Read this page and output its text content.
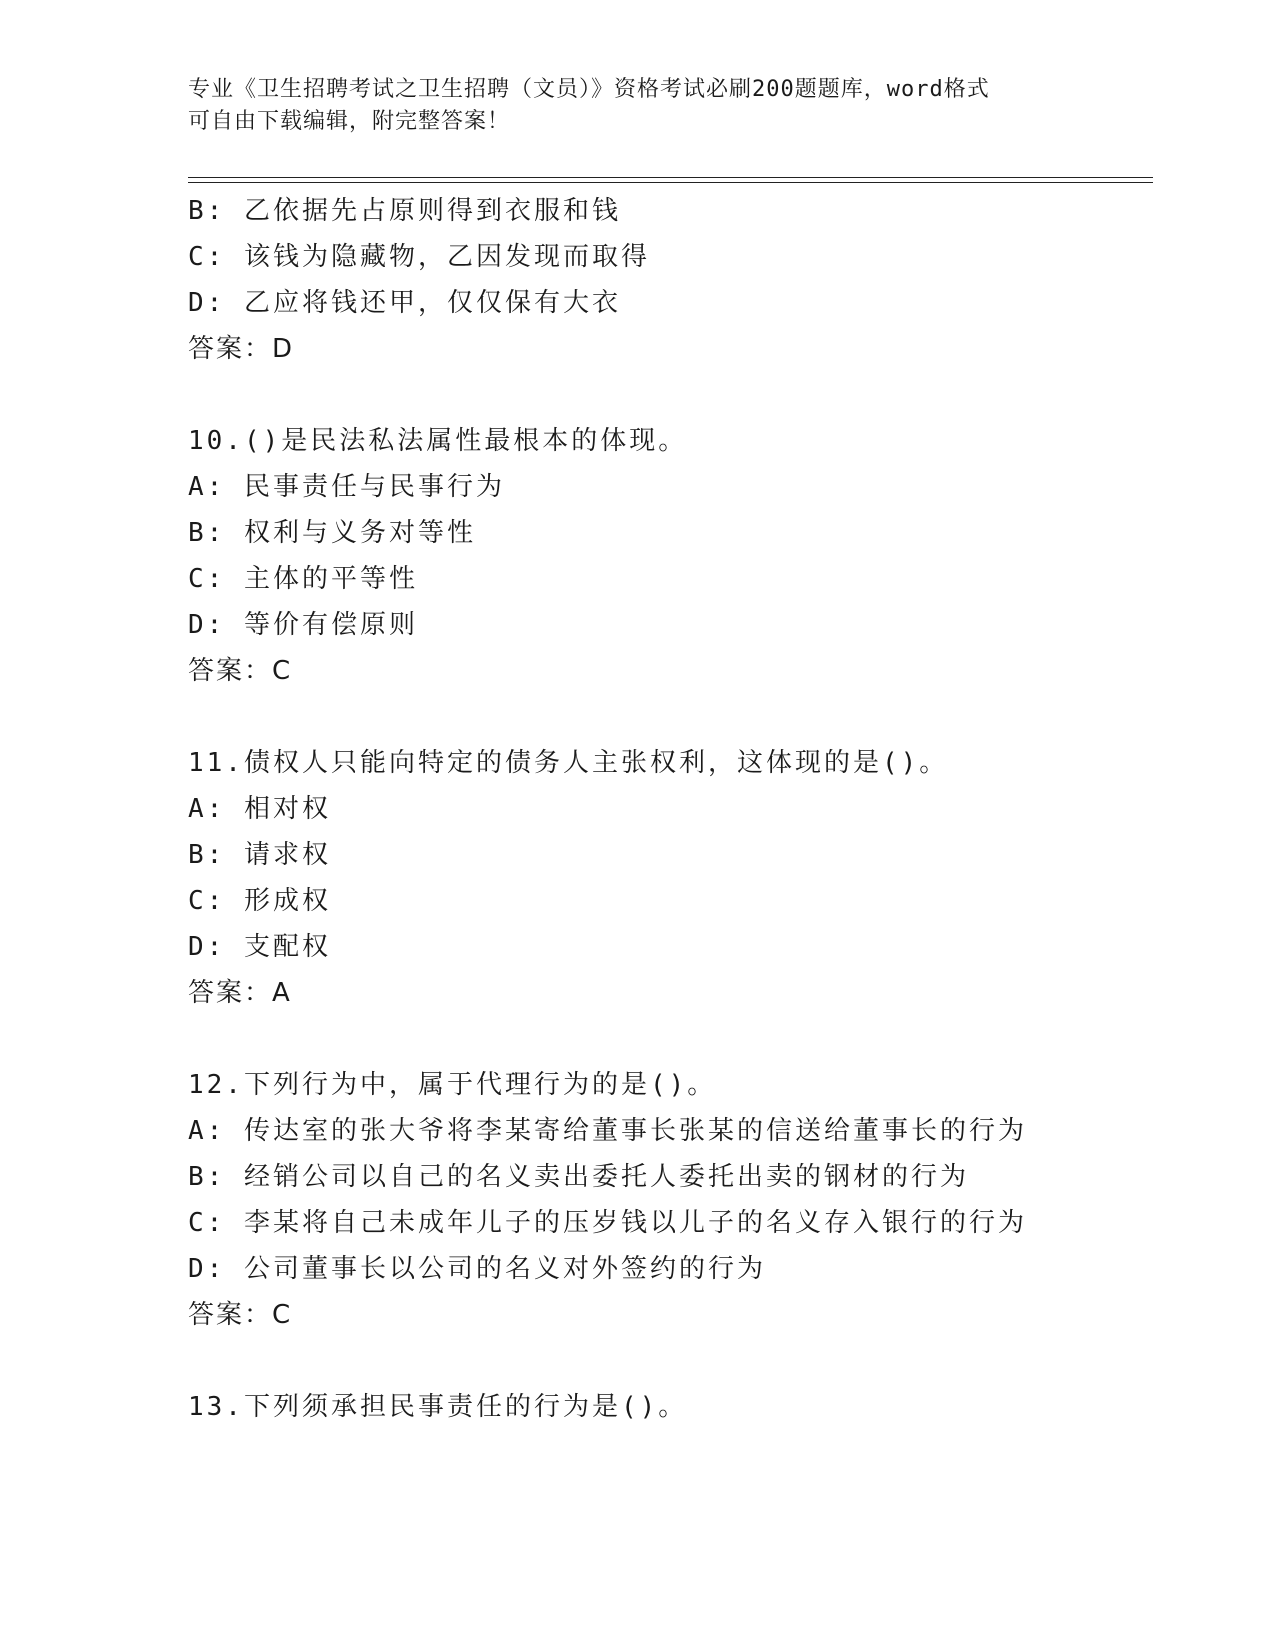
专业《卫生招聘考试之卫生招聘（文员）》资格考试必刷200题题库，word格式
可自由下载编辑，附完整答案！
B: 乙依据先占原则得到衣服和钱
C: 该钱为隐藏物，乙因发现而取得
D: 乙应将钱还甲，仅仅保有大衣
答案：D
10.()是民法私法属性最根本的体现。
A: 民事责任与民事行为
B: 权利与义务对等性
C: 主体的平等性
D: 等价有偿原则
答案：C
11.债权人只能向特定的债务人主张权利，这体现的是()。
A: 相对权
B: 请求权
C: 形成权
D: 支配权
答案：A
12.下列行为中，属于代理行为的是()。
A: 传达室的张大爷将李某寄给董事长张某的信送给董事长的行为
B: 经销公司以自己的名义卖出委托人委托出卖的钢材的行为
C: 李某将自己未成年儿子的压岁钱以儿子的名义存入银行的行为
D: 公司董事长以公司的名义对外签约的行为
答案：C
13.下列须承担民事责任的行为是()。
